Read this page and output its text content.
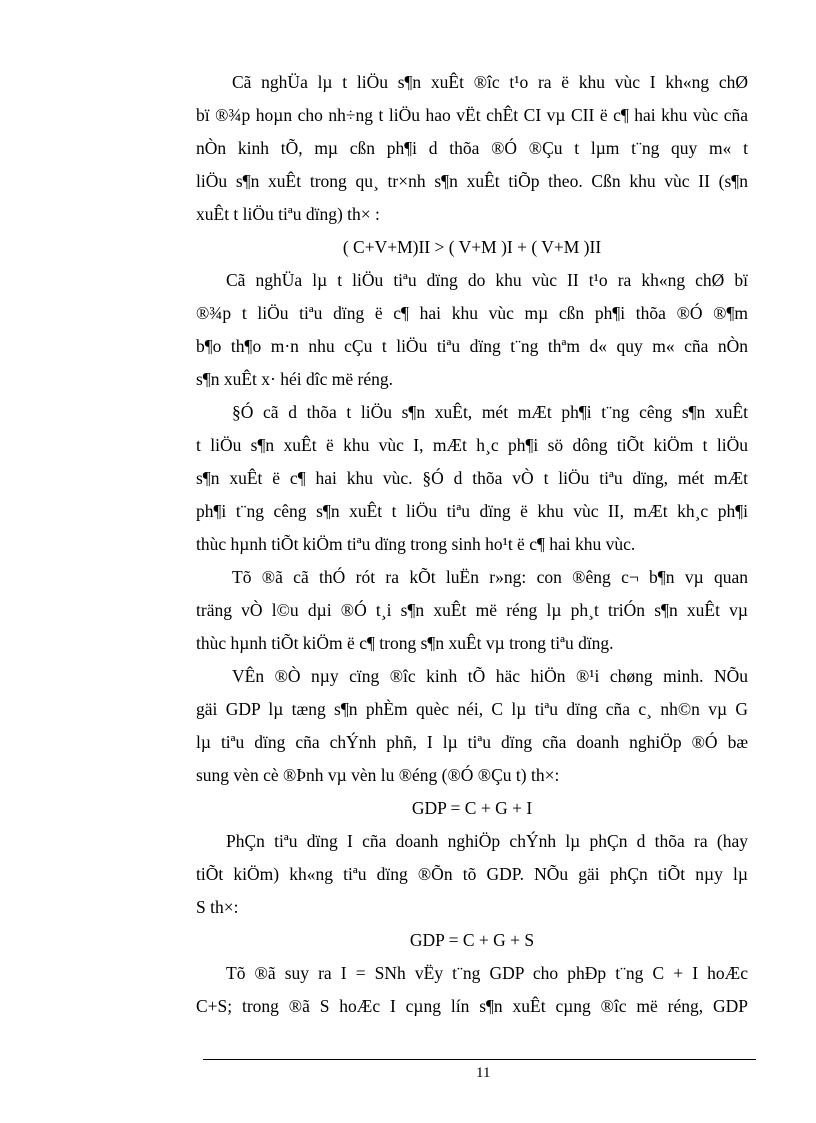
Cã nghÜa lµ t liÖu s¶n xuÊt ®îc t¹o ra ë khu vùc I kh«ng chØ
bï ®¾p hoµn cho nh÷ng t liÖu hao vËt chÊt CI vµ CII ë c¶ hai khu vùc cña
nÒn kinh tÕ, mµ cßn ph¶i d thõa ®Ó ®Çu t lµm t¨ng quy m« t
liÖu s¶n xuÊt trong qu¸ tr×nh s¶n xuÊt tiÕp theo. Cßn khu vùc II (s¶n
xuÊt t liÖu tiªu dïng) th× :
( C+V+M)II > ( V+M )I + ( V+M )II
Cã nghÜa lµ t liÖu tiªu dïng do khu vùc II t¹o ra kh«ng chØ bï
®¾p t liÖu tiªu dïng ë c¶ hai khu vùc mµ cßn ph¶i thõa ®Ó ®¶m
b¶o th¶o m·n nhu cÇu t liÖu tiªu dïng t¨ng thªm d« quy m« cña nÒn
s¶n xuÊt x· héi dîc më réng.
§Ó cã d thõa t liÖu s¶n xuÊt, mét mÆt ph¶i t¨ng cêng s¶n xuÊt
t liÖu s¶n xuÊt ë khu vùc I, mÆt h¸c ph¶i sö dông tiÕt kiÖm t liÖu
s¶n xuÊt ë c¶ hai khu vùc. §Ó d thõa vÒ t liÖu tiªu dïng, mét mÆt
ph¶i t¨ng cêng s¶n xuÊt t liÖu tiªu dïng ë khu vùc II, mÆt kh¸c ph¶i
thùc hµnh tiÕt kiÖm tiªu dïng trong sinh ho¹t ë c¶ hai khu vùc.
Tõ ®ã cã thÓ rót ra kÕt luËn r»ng: con ®êng c¬ b¶n vµ quan
träng vÒ l©u dµi ®Ó t¸i s¶n xuÊt më réng lµ ph¸t triÓn s¶n xuÊt vµ
thùc hµnh tiÕt kiÖm ë c¶ trong s¶n xuÊt vµ trong tiªu dïng.
VÊn ®Ò nµy cïng ®îc kinh tÕ häc hiÖn ®¹i chøng minh. NÕu
gäi GDP lµ tæng s¶n phÈm quèc néi, C lµ tiªu dïng cña c¸ nh©n vµ G
lµ tiªu dïng cña chÝnh phñ, I lµ tiªu dïng cña doanh nghiÖp ®Ó bæ
sung vèn cè ®Þnh vµ vèn lu ®éng (®Ó ®Çu t) th×:
GDP = C + G + I
PhÇn tiªu dïng I cña doanh nghiÖp chÝnh lµ phÇn d thõa ra (hay
tiÕt kiÖm) kh«ng tiªu dïng ®Õn tõ GDP. NÕu gäi phÇn tiÕt nµy lµ
S th×:
GDP = C + G + S
Tõ ®ã suy ra I = SNh vËy t¨ng GDP cho phÐp t¨ng C + I hoÆc
C+S; trong ®ã S hoÆc I cµng lín s¶n xuÊt cµng ®îc më réng, GDP
11
